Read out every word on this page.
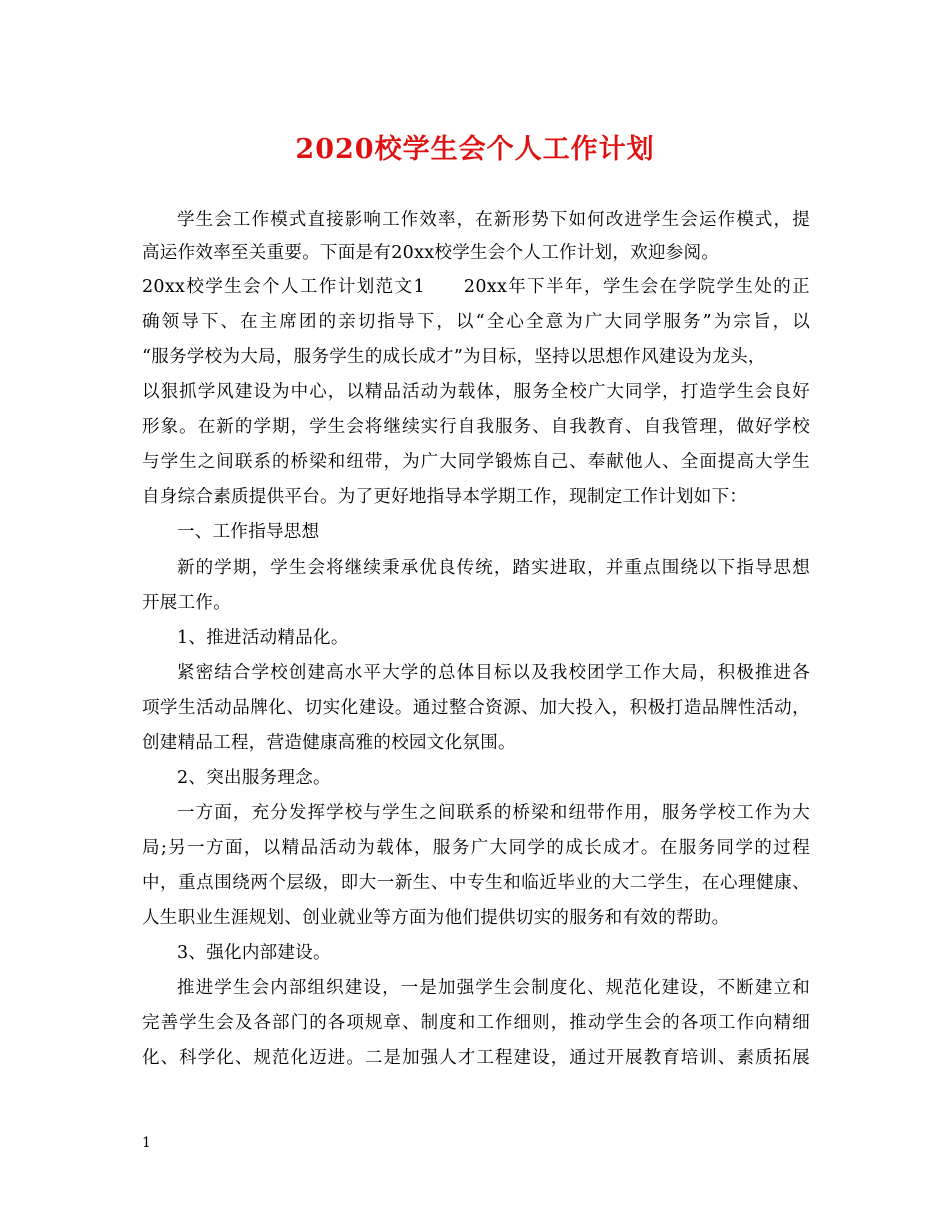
2020校学生会个人工作计划
学生会工作模式直接影响工作效率，在新形势下如何改进学生会运作模式，提
高运作效率至关重要。下面是有20xx校学生会个人工作计划，欢迎参阅。
20xx校学生会个人工作计划范文1　　20xx年下半年，学生会在学院学生处的正
确领导下、在主席团的亲切指导下，以“全心全意为广大同学服务”为宗旨，以
“服务学校为大局，服务学生的成长成才”为目标，坚持以思想作风建设为龙头，
以狠抓学风建设为中心，以精品活动为载体，服务全校广大同学，打造学生会良好
形象。在新的学期，学生会将继续实行自我服务、自我教育、自我管理，做好学校
与学生之间联系的桥梁和纽带，为广大同学锻炼自己、奉献他人、全面提高大学生
自身综合素质提供平台。为了更好地指导本学期工作，现制定工作计划如下：
一、工作指导思想
新的学期，学生会将继续秉承优良传统，踏实进取，并重点围绕以下指导思想
开展工作。
1、推进活动精品化。
紧密结合学校创建高水平大学的总体目标以及我校团学工作大局，积极推进各
项学生活动品牌化、切实化建设。通过整合资源、加大投入，积极打造品牌性活动，
创建精品工程，营造健康高雅的校园文化氛围。
2、突出服务理念。
一方面，充分发挥学校与学生之间联系的桥梁和纽带作用，服务学校工作为大
局;另一方面，以精品活动为载体，服务广大同学的成长成才。在服务同学的过程
中，重点围绕两个层级，即大一新生、中专生和临近毕业的大二学生，在心理健康、
人生职业生涯规划、创业就业等方面为他们提供切实的服务和有效的帮助。
3、强化内部建设。
推进学生会内部组织建设，一是加强学生会制度化、规范化建设，不断建立和
完善学生会及各部门的各项规章、制度和工作细则，推动学生会的各项工作向精细
化、科学化、规范化迈进。二是加强人才工程建设，通过开展教育培训、素质拓展
1
